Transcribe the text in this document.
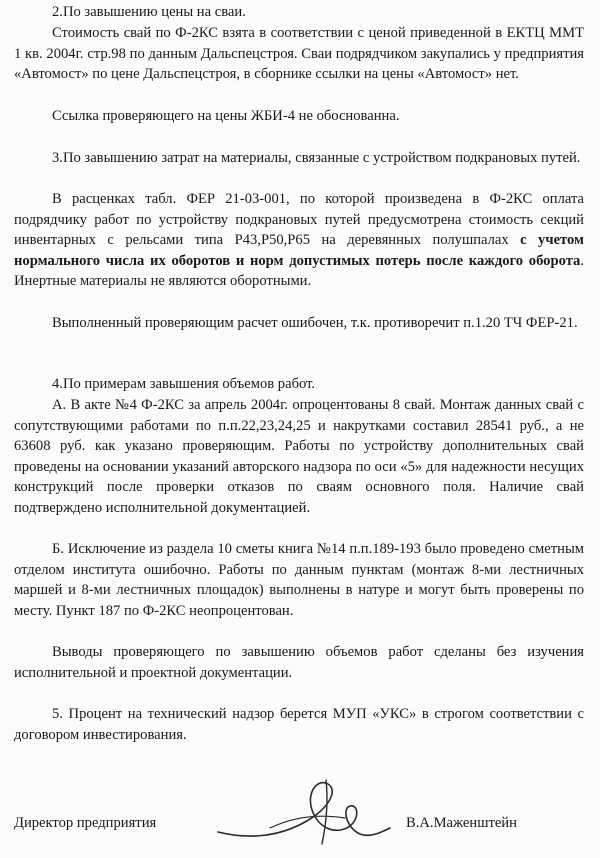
2.По завышению цены на сваи.

Стоимость свай по Ф-2КС взята в соответствии с ценой приведенной в ЕКТЦ ММТ 1 кв. 2004г. стр.98 по данным Дальспецстроя. Сваи подрядчиком закупались у предприятия «Автомост» по цене Дальспецстроя, в сборнике ссылки на цены «Автомост» нет.

Ссылка проверяющего на цены ЖБИ-4 не обоснованна.

3.По завышению затрат на материалы, связанные с устройством подкрановых путей.

В расценках табл. ФЕР 21-03-001, по которой произведена в Ф-2КС оплата подрядчику работ по устройству подкрановых путей предусмотрена стоимость секций инвентарных с рельсами типа Р43,Р50,Р65 на деревянных полушпалах с учетом нормального числа их оборотов и норм допустимых потерь после каждого оборота. Инертные материалы не являются оборотными.

Выполненный проверяющим расчет ошибочен, т.к. противоречит п.1.20 ТЧ ФЕР-21.

4.По примерам завышения объемов работ.

А. В акте №4 Ф-2КС за апрель 2004г. опроцентованы 8 свай. Монтаж данных свай с сопутствующими работами по п.п.22,23,24,25 и накрутками составил 28541 руб., а не 63608 руб. как указано проверяющим. Работы по устройству дополнительных свай проведены на основании указаний авторского надзора по оси «5» для надежности несущих конструкций после проверки отказов по сваям основного поля. Наличие свай подтверждено исполнительной документацией.

Б. Исключение из раздела 10 сметы книга №14 п.п.189-193 было проведено сметным отделом института ошибочно. Работы по данным пунктам (монтаж 8-ми лестничных маршей и 8-ми лестничных площадок) выполнены в натуре и могут быть проверены по месту. Пункт 187 по Ф-2КС неопроцентован.

Выводы проверяющего по завышению объемов работ сделаны без изучения исполнительной и проектной документации.

5. Процент на технический надзор берется МУП «УКС» в строгом соответствии с договором инвестирования.

Директор предприятия	В.А.Маженштейн
